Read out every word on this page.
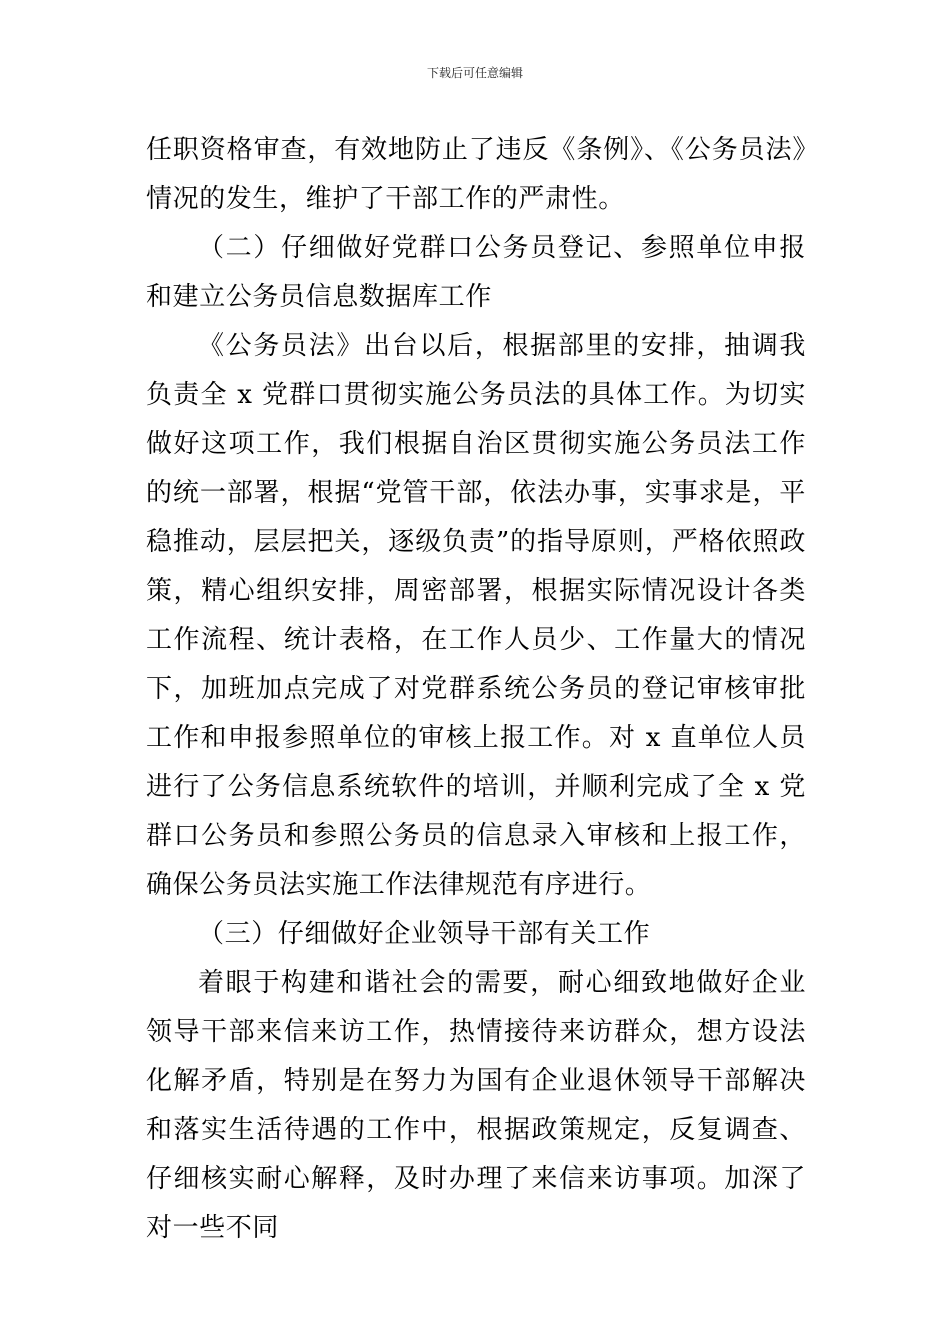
下载后可任意编辑

任职资格审查，有效地防止了违反《条例》、《公务员法》情况的发生，维护了干部工作的严肃性。

（二）仔细做好党群口公务员登记、参照单位申报和建立公务员信息数据库工作

《公务员法》出台以后，根据部里的安排，抽调我负责全 x 党群口贯彻实施公务员法的具体工作。为切实做好这项工作，我们根据自治区贯彻实施公务员法工作的统一部署，根据“党管干部，依法办事，实事求是，平稳推动，层层把关，逐级负责”的指导原则，严格依照政策，精心组织安排，周密部署，根据实际情况设计各类工作流程、统计表格，在工作人员少、工作量大的情况下，加班加点完成了对党群系统公务员的登记审核审批工作和申报参照单位的审核上报工作。对 x 直单位人员进行了公务信息系统软件的培训，并顺利完成了全 x 党群口公务员和参照公务员的信息录入审核和上报工作，确保公务员法实施工作法律规范有序进行。

（三）仔细做好企业领导干部有关工作

着眼于构建和谐社会的需要，耐心细致地做好企业领导干部来信来访工作，热情接待来访群众，想方设法化解矛盾，特别是在努力为国有企业退休领导干部解决和落实生活待遇的工作中，根据政策规定，反复调查、仔细核实耐心解释，及时办理了来信来访事项。加深了对一些不同
